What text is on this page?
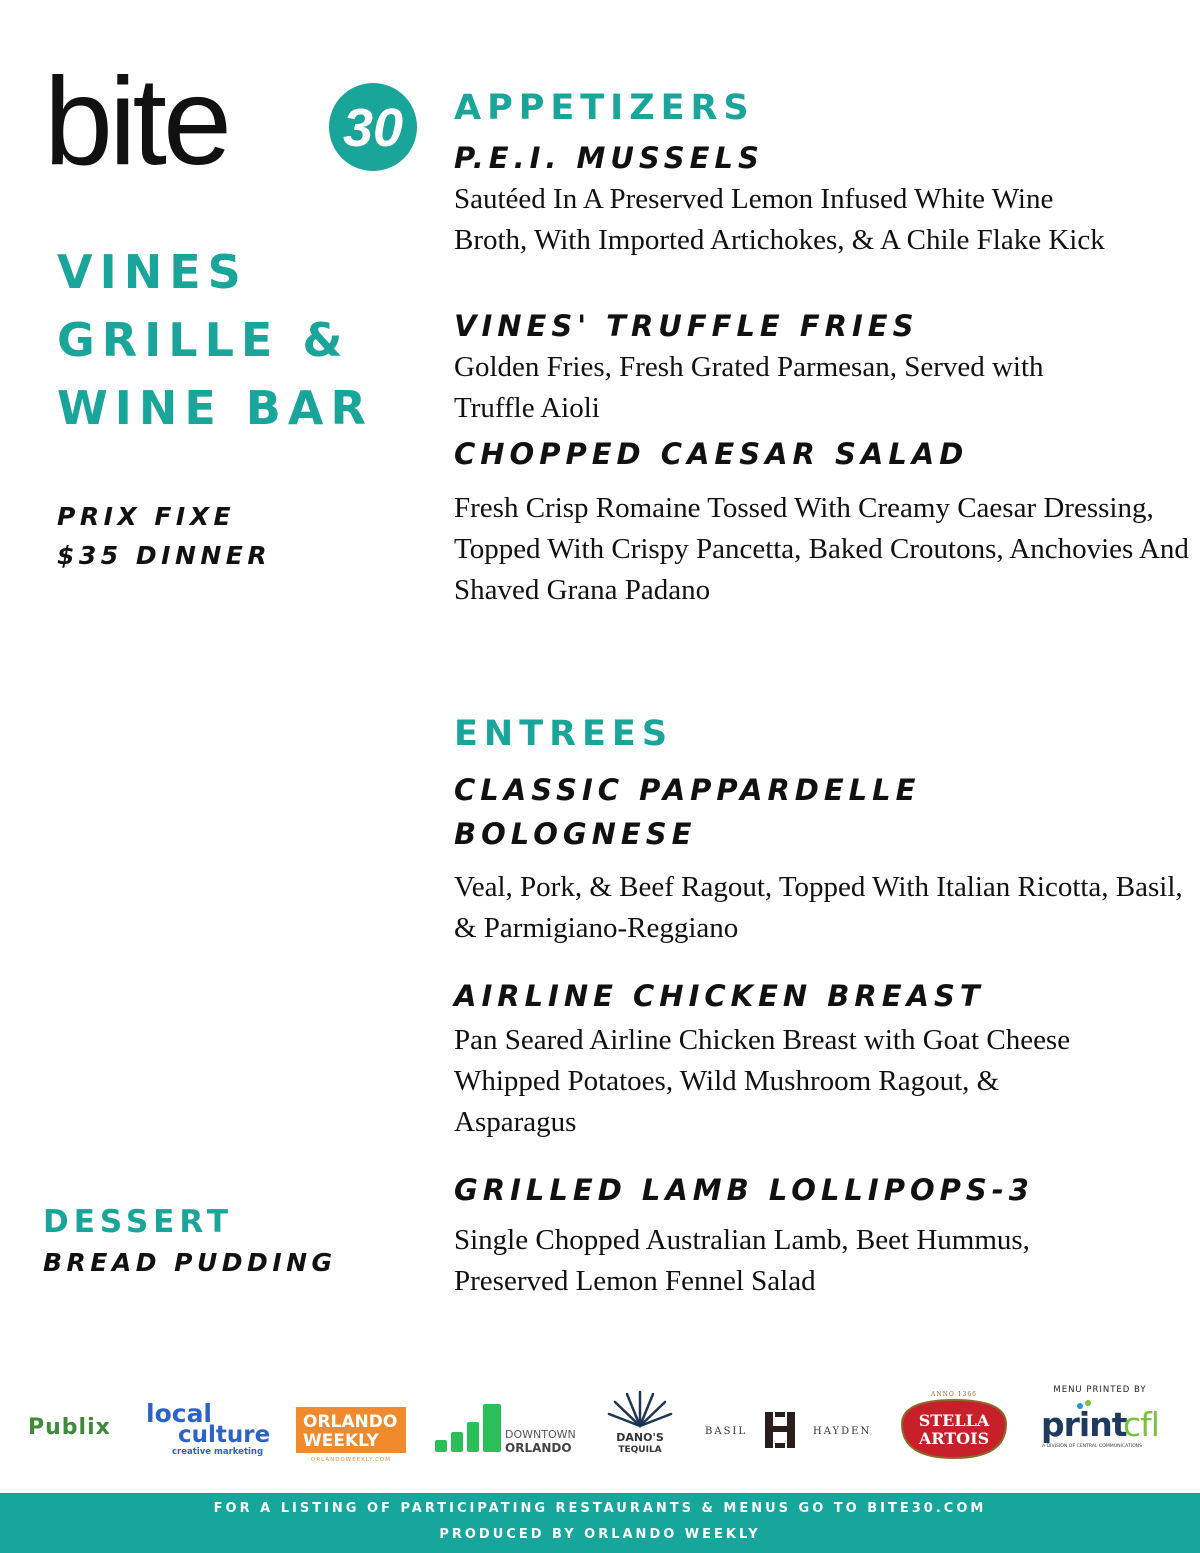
bite 30
VINES
GRILLE &
WINE BAR
PRIX FIXE
$35 DINNER
DESSERT
BREAD PUDDING
APPETIZERS
P.E.I. MUSSELS
Sautéed In A Preserved Lemon Infused White Wine Broth, With Imported Artichokes, & A Chile Flake Kick
VINES' TRUFFLE FRIES
Golden Fries, Fresh Grated Parmesan, Served with Truffle Aioli
CHOPPED CAESAR SALAD
Fresh Crisp Romaine Tossed With Creamy Caesar Dressing, Topped With Crispy Pancetta, Baked Croutons, Anchovies And Shaved Grana Padano
ENTREES
CLASSIC PAPPARDELLE
BOLOGNESE
Veal, Pork, & Beef Ragout, Topped With Italian Ricotta, Basil, & Parmigiano-Reggiano
AIRLINE CHICKEN BREAST
Pan Seared Airline Chicken Breast with Goat Cheese Whipped Potatoes, Wild Mushroom Ragout, & Asparagus
GRILLED LAMB LOLLIPOPS-3
Single Chopped Australian Lamb, Beet Hummus, Preserved Lemon Fennel Salad
Publix local
culture
creative marketing
ORLANDO
WEEKLY
ORLANDOWEEKLY.COM
DOWNTOWN
ORLANDO
DANO'S
TEQUILA
BASIL	HAYDEN
ANNO 1366
STELLA
ARTOIS
MENU PRINTED BY
print
cfl
A DIVISION OF CENTRAL COMMUNICATIONS
FOR A LISTING OF PARTICIPATING RESTAURANTS & MENUS GO TO BITE30.COM
PRODUCED BY ORLANDO WEEKLY
